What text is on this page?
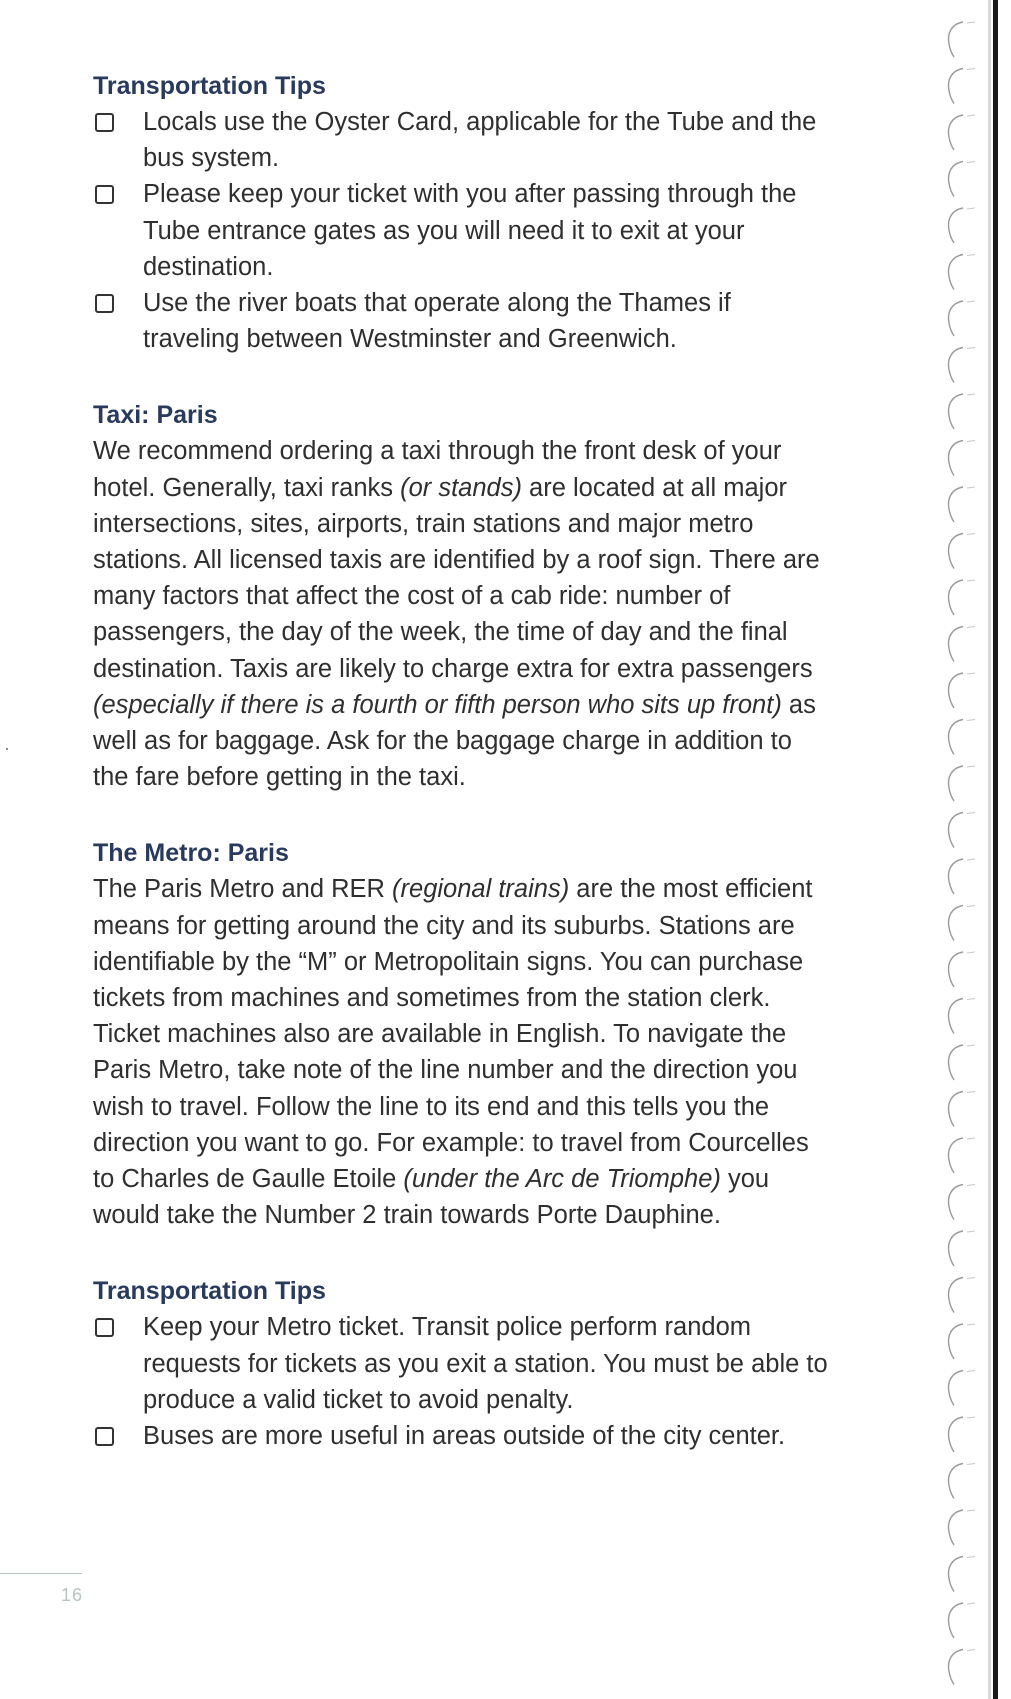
Transportation Tips
Locals use the Oyster Card, applicable for the Tube and the bus system.
Please keep your ticket with you after passing through the Tube entrance gates as you will need it to exit at your destination.
Use the river boats that operate along the Thames if traveling between Westminster and Greenwich.
Taxi: Paris

We recommend ordering a taxi through the front desk of your hotel. Generally, taxi ranks (or stands) are located at all major intersections, sites, airports, train stations and major metro stations. All licensed taxis are identified by a roof sign. There are many factors that affect the cost of a cab ride: number of passengers, the day of the week, the time of day and the final destination. Taxis are likely to charge extra for extra passengers (especially if there is a fourth or fifth person who sits up front) as well as for baggage. Ask for the baggage charge in addition to the fare before getting in the taxi.

The Metro: Paris

The Paris Metro and RER (regional trains) are the most efficient means for getting around the city and its suburbs. Stations are identifiable by the “M” or Metropolitain signs. You can purchase tickets from machines and sometimes from the station clerk. Ticket machines also are available in English. To navigate the Paris Metro, take note of the line number and the direction you wish to travel. Follow the line to its end and this tells you the direction you want to go. For example: to travel from Courcelles to Charles de Gaulle Etoile (under the Arc de Triomphe) you would take the Number 2 train towards Porte Dauphine.

Transportation Tips
Keep your Metro ticket. Transit police perform random requests for tickets as you exit a station. You must be able to produce a valid ticket to avoid penalty.
Buses are more useful in areas outside of the city center.
16
